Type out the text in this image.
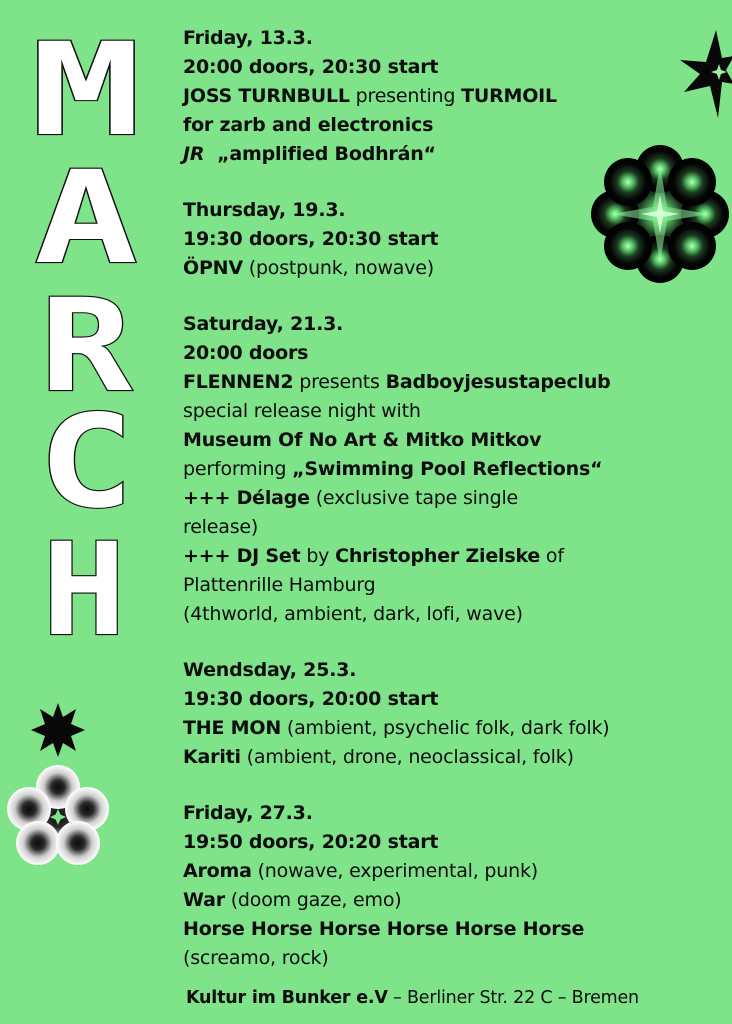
M
A
R
C
H
Friday, 13.3.
20:00 doors, 20:30 start
JOSS TURNBULL presenting TURMOIL
for zarb and electronics
JR  „amplified Bodhrán“
Thursday, 19.3.
19:30 doors, 20:30 start
ÖPNV (postpunk, nowave)
Saturday, 21.3.
20:00 doors
FLENNEN2 presents Badboyjesustapeclub
special release night with
Museum Of No Art & Mitko Mitkov
performing „Swimming Pool Reflections“
+++ Délage (exclusive tape single
release)
+++ DJ Set by Christopher Zielske of
Plattenrille Hamburg
(4thworld, ambient, dark, lofi, wave)
Wendsday, 25.3.
19:30 doors, 20:00 start
THE MON (ambient, psychelic folk, dark folk)
Kariti (ambient, drone, neoclassical, folk)
Friday, 27.3.
19:50 doors, 20:20 start
Aroma (nowave, experimental, punk)
War (doom gaze, emo)
Horse Horse Horse Horse Horse Horse
(screamo, rock)
Kultur im Bunker e.V – Berliner Str. 22 C – Bremen
